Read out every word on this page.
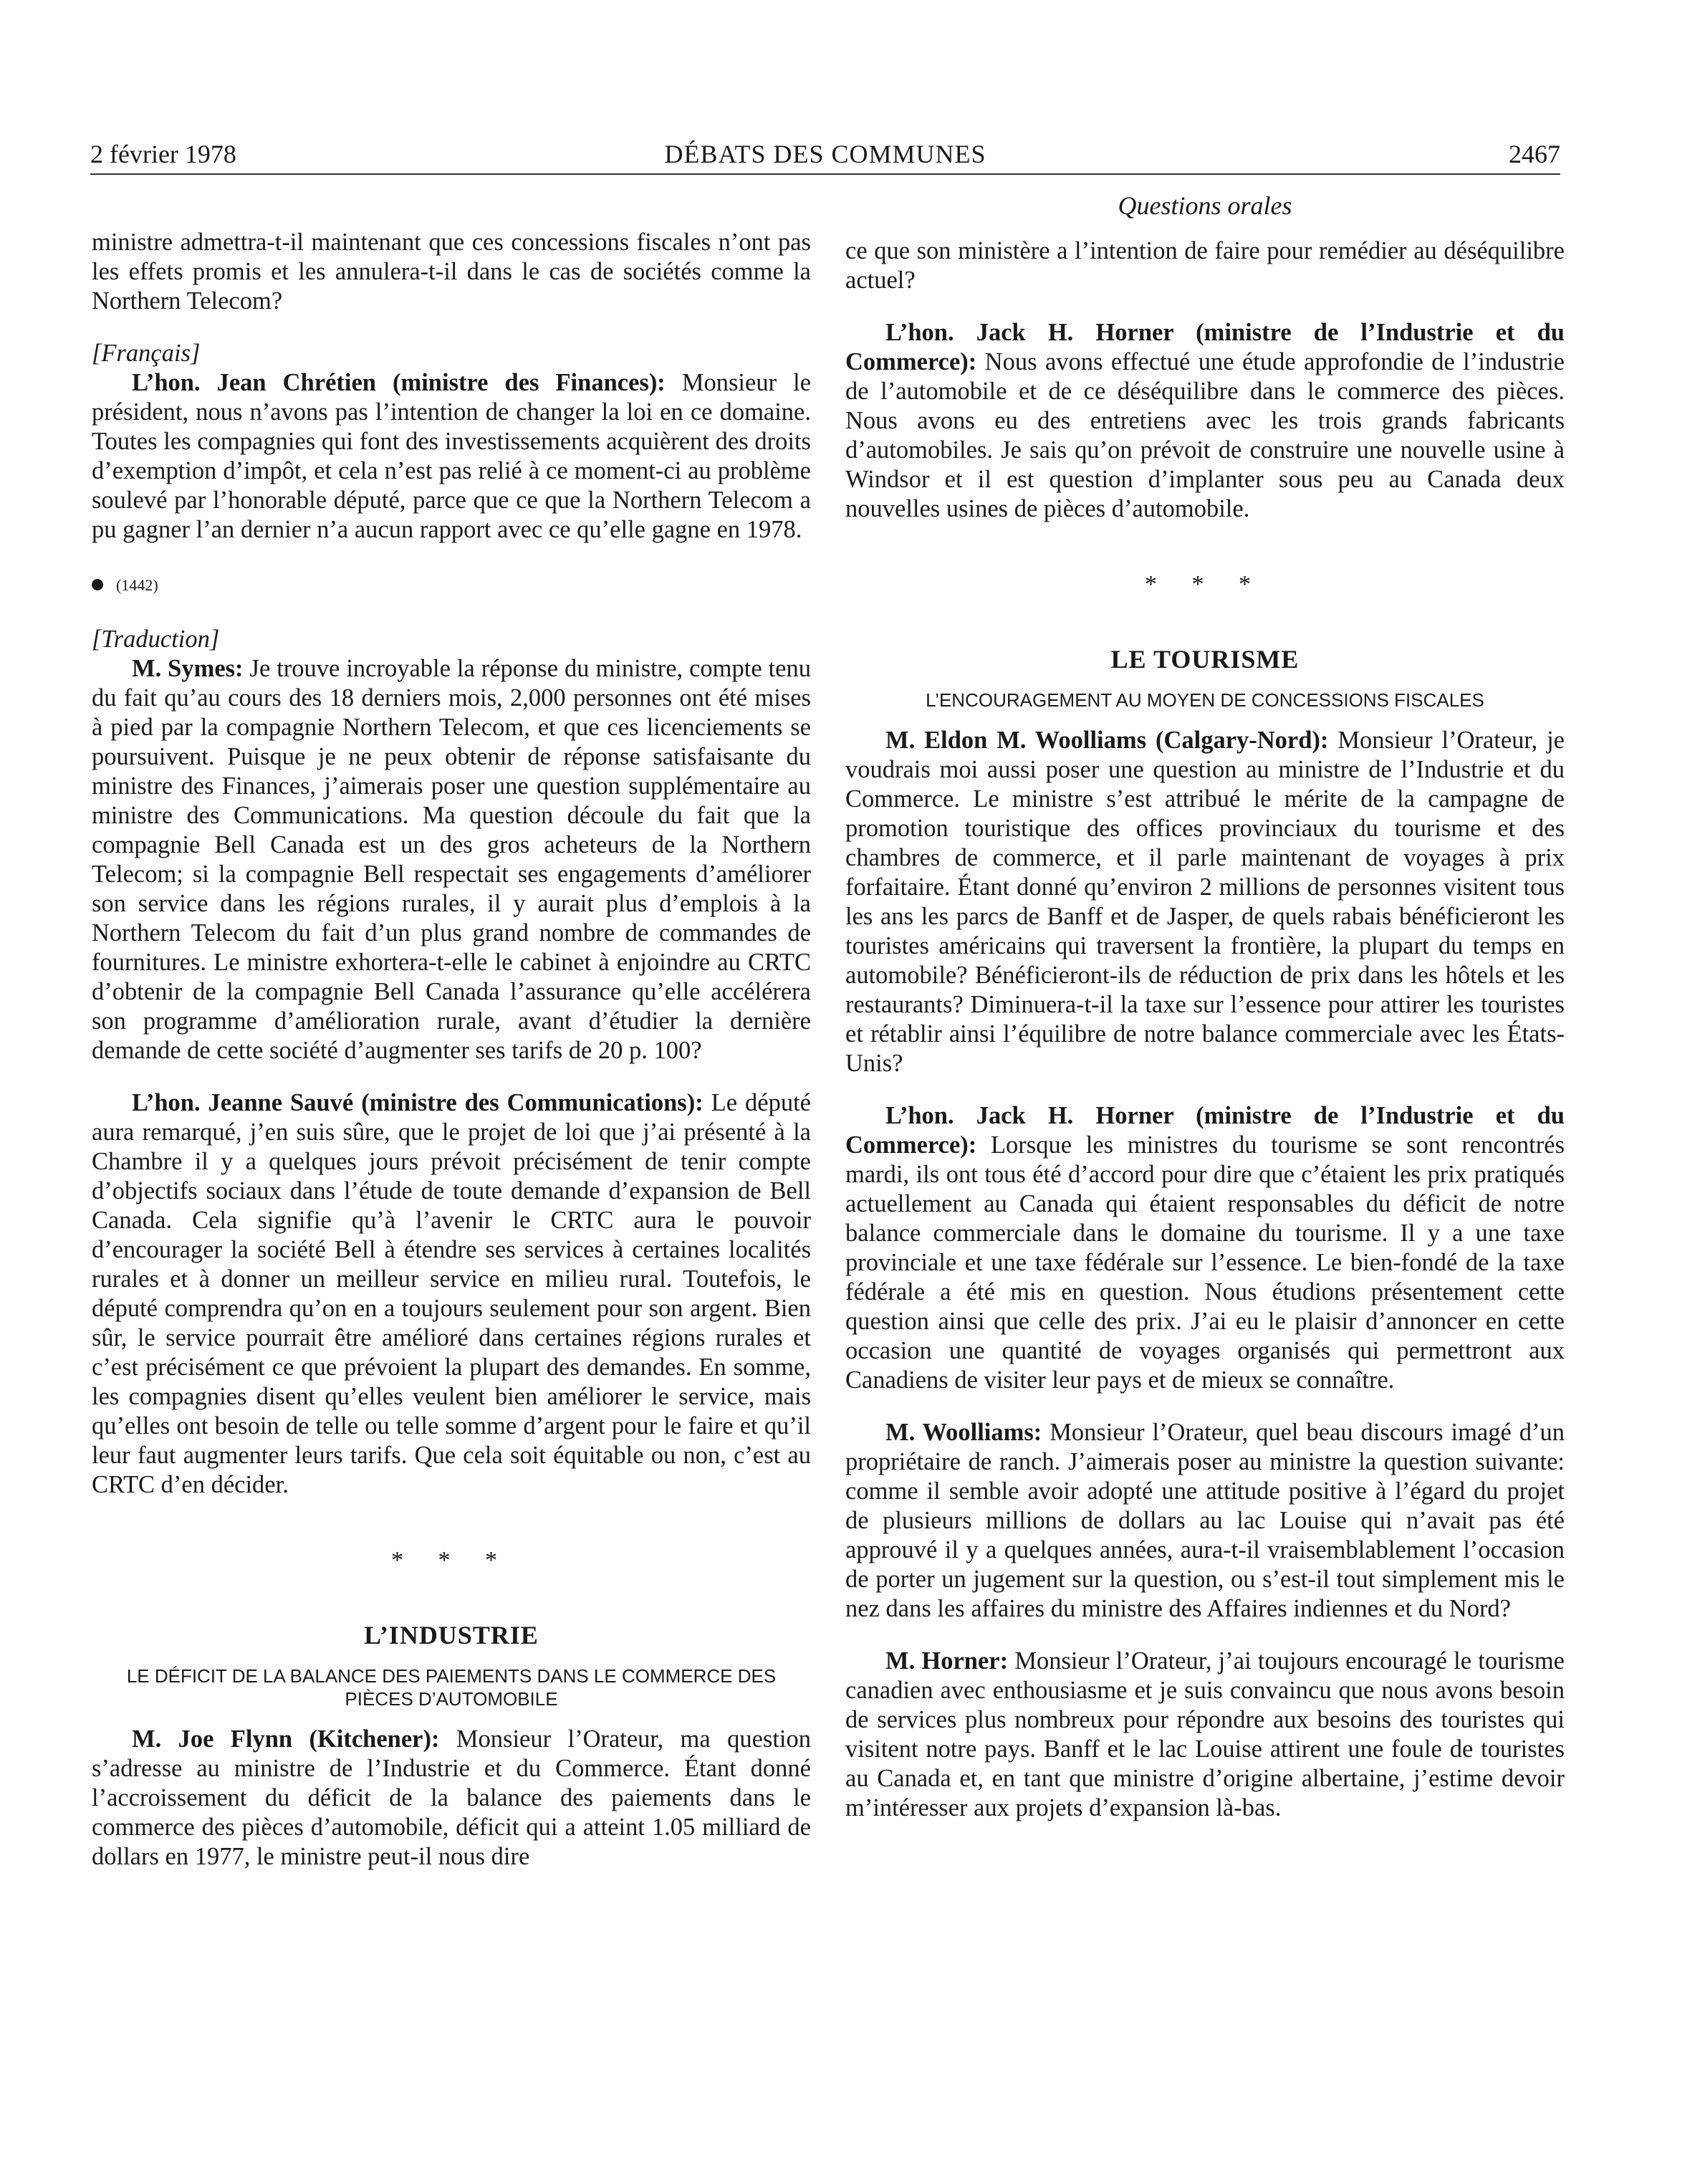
2 février 1978	DÉBATS DES COMMUNES	2467
Questions orales

ministre admettra-t-il maintenant que ces concessions fiscales n’ont pas les effets promis et les annulera-t-il dans le cas de sociétés comme la Northern Telecom?

[Français]

L’hon. Jean Chrétien (ministre des Finances): Monsieur le président, nous n’avons pas l’intention de changer la loi en ce domaine. Toutes les compagnies qui font des investissements acquièrent des droits d’exemption d’impôt, et cela n’est pas relié à ce moment-ci au problème soulevé par l’honorable député, parce que ce que la Northern Telecom a pu gagner l’an dernier n’a aucun rapport avec ce qu’elle gagne en 1978.

(1442)

[Traduction]

M. Symes: Je trouve incroyable la réponse du ministre, compte tenu du fait qu’au cours des 18 derniers mois, 2,000 personnes ont été mises à pied par la compagnie Northern Telecom, et que ces licenciements se poursuivent. Puisque je ne peux obtenir de réponse satisfaisante du ministre des Finances, j’aimerais poser une question supplémentaire au ministre des Communications. Ma question découle du fait que la compagnie Bell Canada est un des gros acheteurs de la Northern Telecom; si la compagnie Bell respectait ses engagements d’améliorer son service dans les régions rurales, il y aurait plus d’emplois à la Northern Telecom du fait d’un plus grand nombre de commandes de fournitures. Le ministre exhortera-t-elle le cabinet à enjoindre au CRTC d’obtenir de la compagnie Bell Canada l’assurance qu’elle accélérera son programme d’amélioration rurale, avant d’étudier la dernière demande de cette société d’augmenter ses tarifs de 20 p. 100?

L’hon. Jeanne Sauvé (ministre des Communications): Le député aura remarqué, j’en suis sûre, que le projet de loi que j’ai présenté à la Chambre il y a quelques jours prévoit précisément de tenir compte d’objectifs sociaux dans l’étude de toute demande d’expansion de Bell Canada. Cela signifie qu’à l’avenir le CRTC aura le pouvoir d’encourager la société Bell à étendre ses services à certaines localités rurales et à donner un meilleur service en milieu rural. Toutefois, le député comprendra qu’on en a toujours seulement pour son argent. Bien sûr, le service pourrait être amélioré dans certaines régions rurales et c’est précisément ce que prévoient la plupart des demandes. En somme, les compagnies disent qu’elles veulent bien améliorer le service, mais qu’elles ont besoin de telle ou telle somme d’argent pour le faire et qu’il leur faut augmenter leurs tarifs. Que cela soit équitable ou non, c’est au CRTC d’en décider.

* * *

L’INDUSTRIE

LE DÉFICIT DE LA BALANCE DES PAIEMENTS DANS LE COMMERCE DES PIÈCES D’AUTOMOBILE

M. Joe Flynn (Kitchener): Monsieur l’Orateur, ma question s’adresse au ministre de l’Industrie et du Commerce. Étant donné l’accroissement du déficit de la balance des paiements dans le commerce des pièces d’automobile, déficit qui a atteint 1.05 milliard de dollars en 1977, le ministre peut-il nous dire

ce que son ministère a l’intention de faire pour remédier au déséquilibre actuel?

L’hon. Jack H. Horner (ministre de l’Industrie et du Commerce): Nous avons effectué une étude approfondie de l’industrie de l’automobile et de ce déséquilibre dans le commerce des pièces. Nous avons eu des entretiens avec les trois grands fabricants d’automobiles. Je sais qu’on prévoit de construire une nouvelle usine à Windsor et il est question d’implanter sous peu au Canada deux nouvelles usines de pièces d’automobile.

* * *

LE TOURISME

L’ENCOURAGEMENT AU MOYEN DE CONCESSIONS FISCALES

M. Eldon M. Woolliams (Calgary-Nord): Monsieur l’Orateur, je voudrais moi aussi poser une question au ministre de l’Industrie et du Commerce. Le ministre s’est attribué le mérite de la campagne de promotion touristique des offices provinciaux du tourisme et des chambres de commerce, et il parle maintenant de voyages à prix forfaitaire. Étant donné qu’environ 2 millions de personnes visitent tous les ans les parcs de Banff et de Jasper, de quels rabais bénéficieront les touristes américains qui traversent la frontière, la plupart du temps en automobile? Bénéficieront-ils de réduction de prix dans les hôtels et les restaurants? Diminuera-t-il la taxe sur l’essence pour attirer les touristes et rétablir ainsi l’équilibre de notre balance commerciale avec les États-Unis?

L’hon. Jack H. Horner (ministre de l’Industrie et du Commerce): Lorsque les ministres du tourisme se sont rencontrés mardi, ils ont tous été d’accord pour dire que c’étaient les prix pratiqués actuellement au Canada qui étaient responsables du déficit de notre balance commerciale dans le domaine du tourisme. Il y a une taxe provinciale et une taxe fédérale sur l’essence. Le bien-fondé de la taxe fédérale a été mis en question. Nous étudions présentement cette question ainsi que celle des prix. J’ai eu le plaisir d’annoncer en cette occasion une quantité de voyages organisés qui permettront aux Canadiens de visiter leur pays et de mieux se connaître.

M. Woolliams: Monsieur l’Orateur, quel beau discours imagé d’un propriétaire de ranch. J’aimerais poser au ministre la question suivante: comme il semble avoir adopté une attitude positive à l’égard du projet de plusieurs millions de dollars au lac Louise qui n’avait pas été approuvé il y a quelques années, aura-t-il vraisemblablement l’occasion de porter un jugement sur la question, ou s’est-il tout simplement mis le nez dans les affaires du ministre des Affaires indiennes et du Nord?

M. Horner: Monsieur l’Orateur, j’ai toujours encouragé le tourisme canadien avec enthousiasme et je suis convaincu que nous avons besoin de services plus nombreux pour répondre aux besoins des touristes qui visitent notre pays. Banff et le lac Louise attirent une foule de touristes au Canada et, en tant que ministre d’origine albertaine, j’estime devoir m’intéresser aux projets d’expansion là-bas.
